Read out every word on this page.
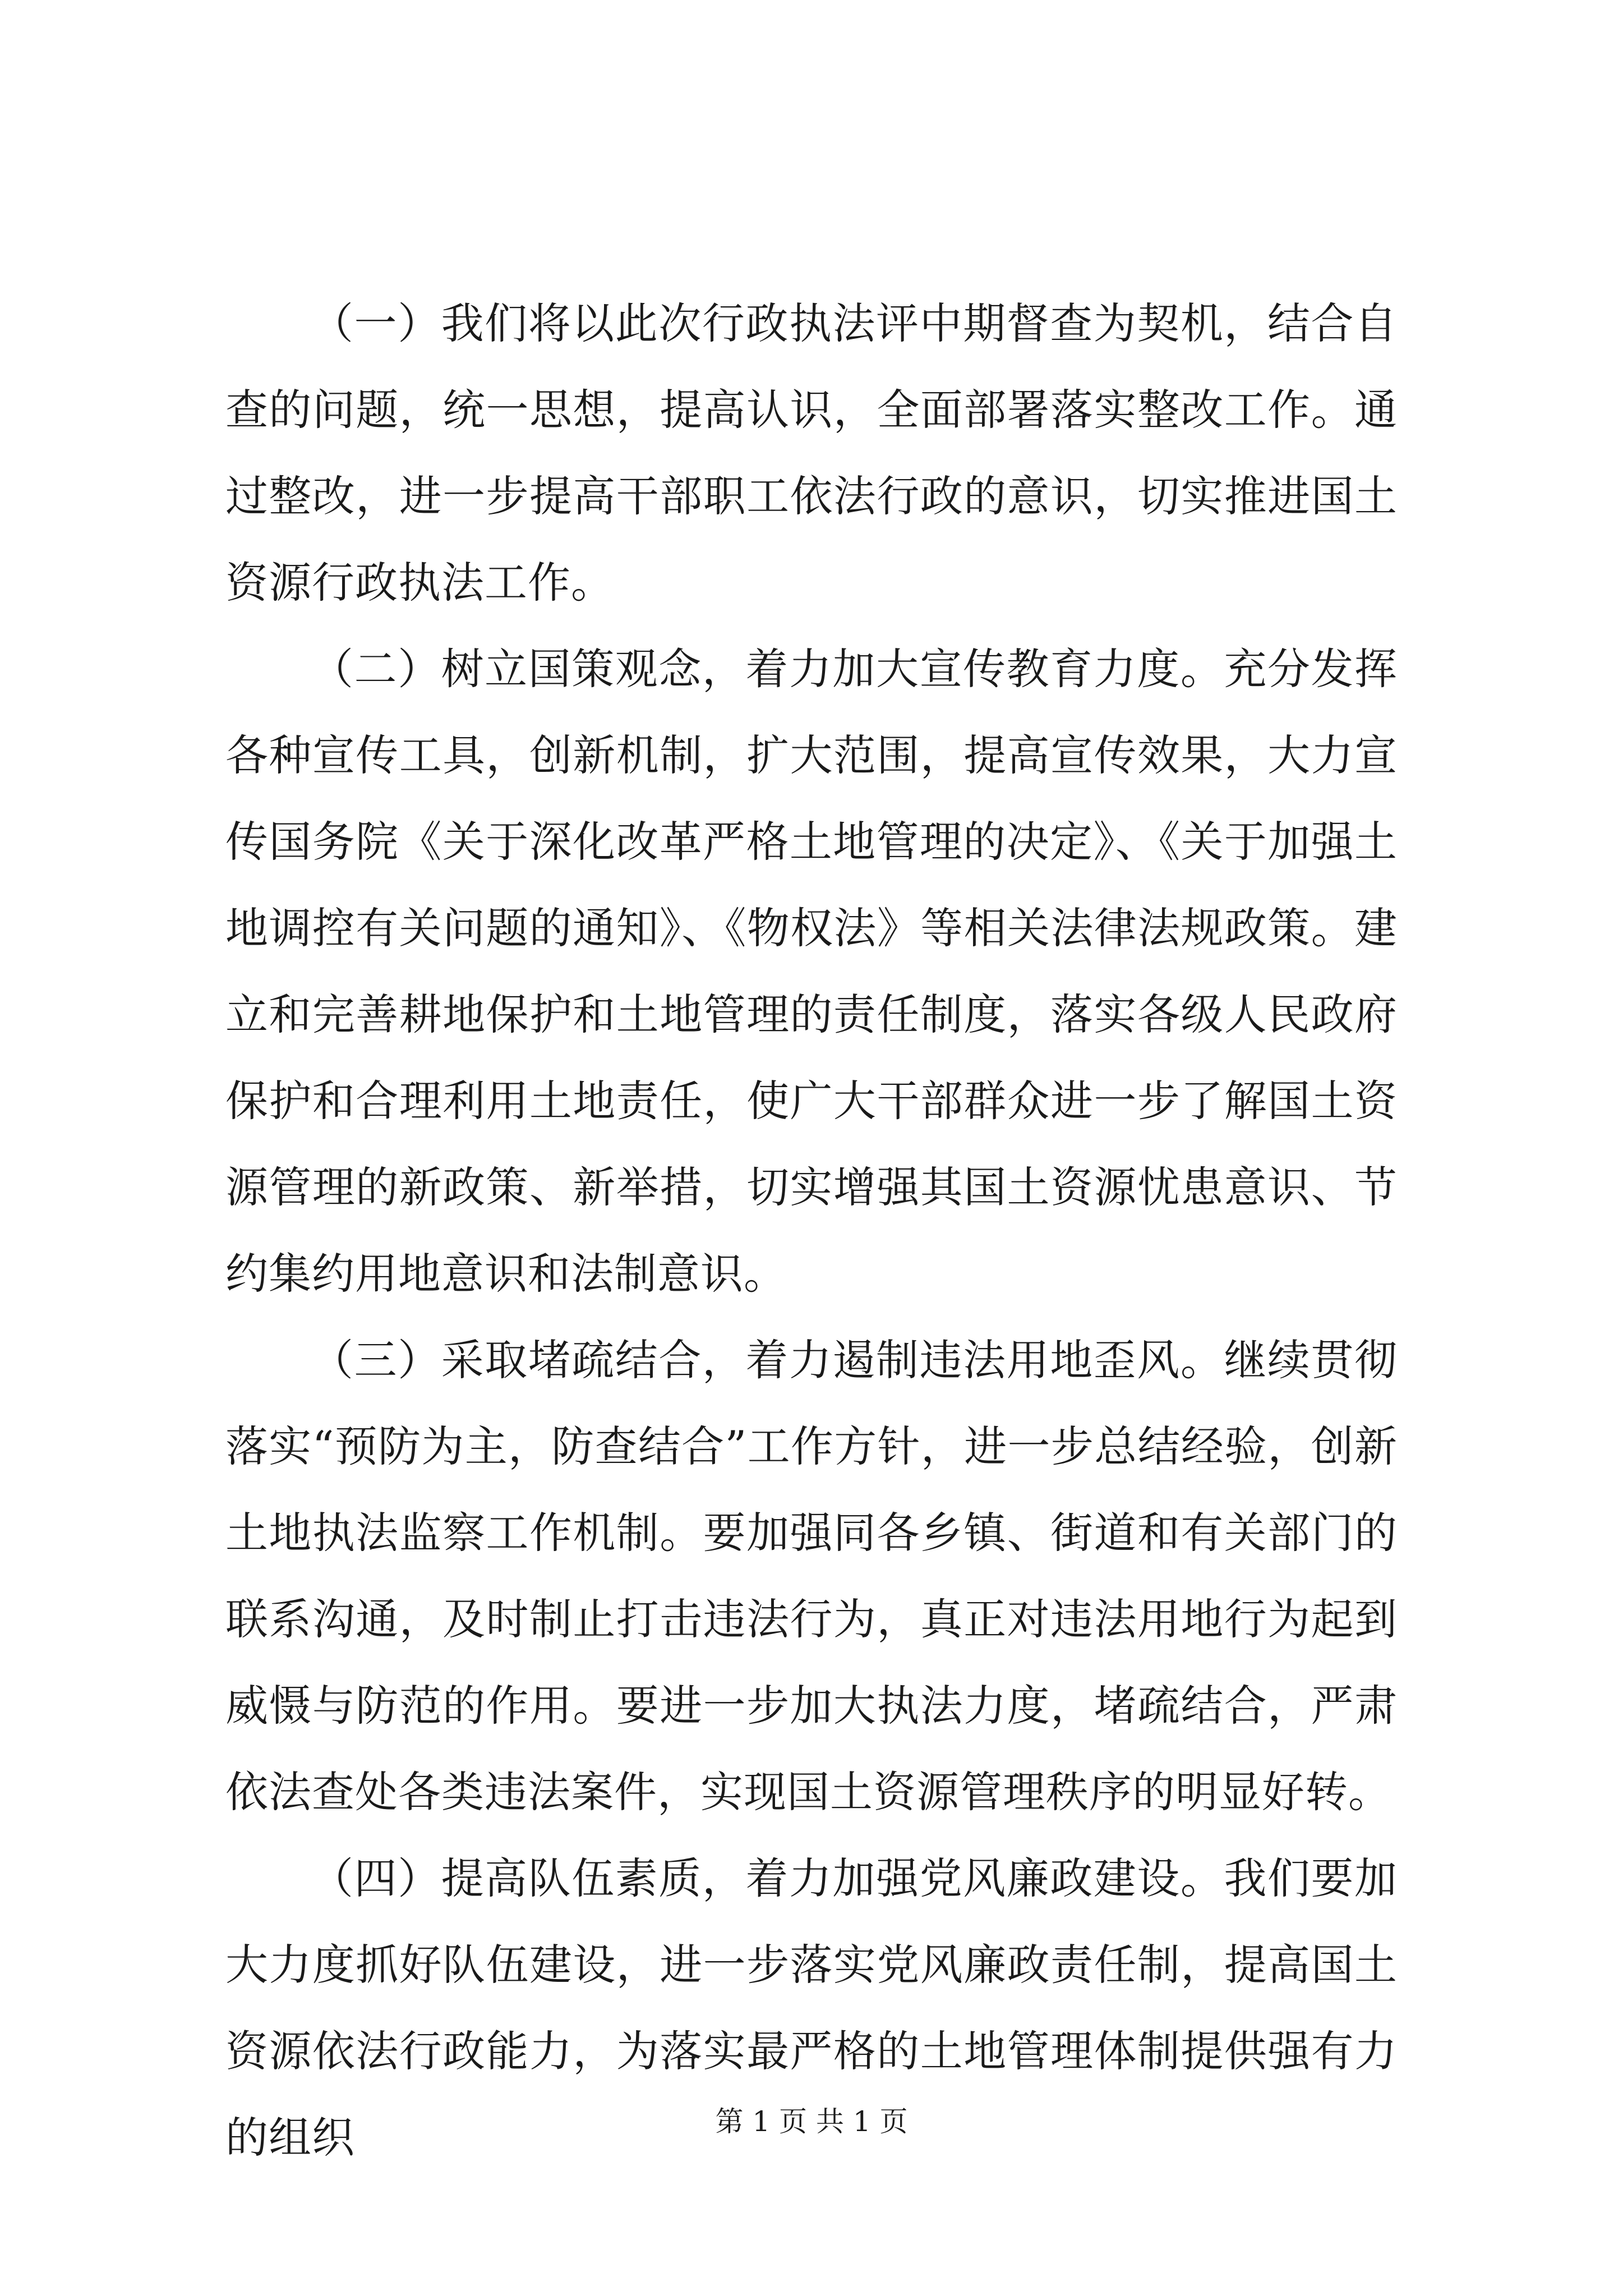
（一）我们将以此次行政执法评中期督查为契机，结合自查的问题，统一思想，提高认识，全面部署落实整改工作。通过整改，进一步提高干部职工依法行政的意识，切实推进国土资源行政执法工作。

（二）树立国策观念，着力加大宣传教育力度。充分发挥各种宣传工具，创新机制，扩大范围，提高宣传效果，大力宣传国务院《关于深化改革严格土地管理的决定》、《关于加强土地调控有关问题的通知》、《物权法》等相关法律法规政策。建立和完善耕地保护和土地管理的责任制度，落实各级人民政府保护和合理利用土地责任，使广大干部群众进一步了解国土资源管理的新政策、新举措，切实增强其国土资源忧患意识、节约集约用地意识和法制意识。

（三）采取堵疏结合，着力遏制违法用地歪风。继续贯彻落实“预防为主，防查结合”工作方针，进一步总结经验，创新土地执法监察工作机制。要加强同各乡镇、街道和有关部门的联系沟通，及时制止打击违法行为，真正对违法用地行为起到威慑与防范的作用。要进一步加大执法力度，堵疏结合，严肃依法查处各类违法案件，实现国土资源管理秩序的明显好转。

（四）提高队伍素质，着力加强党风廉政建设。我们要加大力度抓好队伍建设，进一步落实党风廉政责任制，提高国土资源依法行政能力，为落实最严格的土地管理体制提供强有力的组织	第 1 页 共 1 页
